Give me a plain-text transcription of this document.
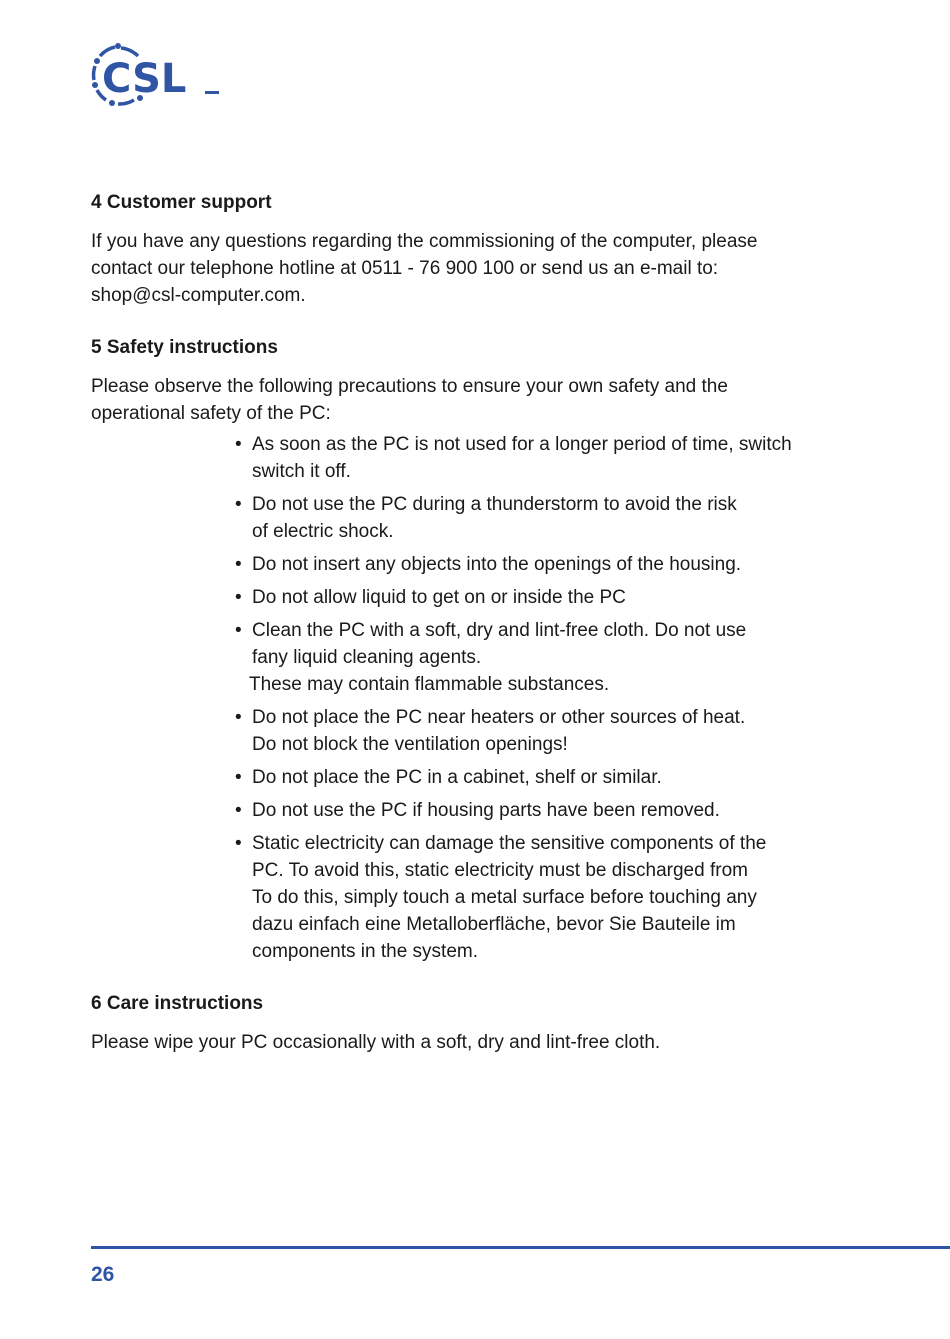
CSL
4 Customer support

If you have any questions regarding the commissioning of the computer, please
contact our telephone hotline at 0511 - 76 900 100 or send us an e-mail to:
shop@csl-computer.com.

5 Safety instructions

Please observe the following precautions to ensure your own safety and the
operational safety of the PC:

• As soon as the PC is not used for a longer period of time, switch
switch it off.
• Do not use the PC during a thunderstorm to avoid the risk
of electric shock.
• Do not insert any objects into the openings of the housing.
• Do not allow liquid to get on or inside the PC
• Clean the PC with a soft, dry and lint-free cloth. Do not use
fany liquid cleaning agents.
These may contain flammable substances.
• Do not place the PC near heaters or other sources of heat.
Do not block the ventilation openings!
• Do not place the PC in a cabinet, shelf or similar.
• Do not use the PC if housing parts have been removed.
• Static electricity can damage the sensitive components of the
PC. To avoid this, static electricity must be discharged from
To do this, simply touch a metal surface before touching any
dazu einfach eine Metalloberfläche, bevor Sie Bauteile im
components in the system.
6 Care instructions

Please wipe your PC occasionally with a soft, dry and lint-free cloth.

26
